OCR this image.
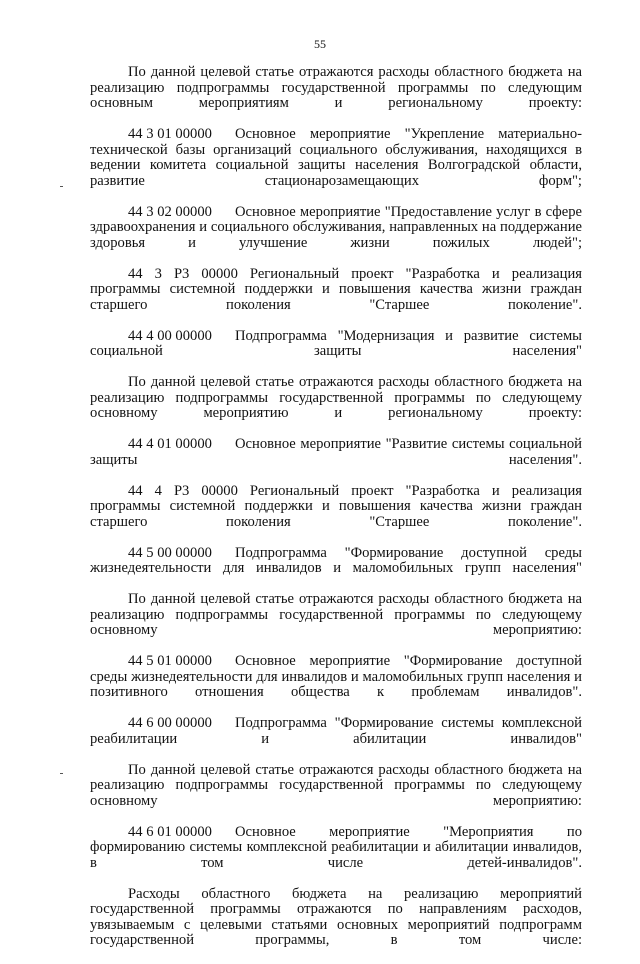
55

По данной целевой статье отражаются расходы областного бюджета на реализацию подпрограммы государственной программы по следующим основным мероприятиям и региональному проекту:

44 3 01 00000 Основное мероприятие "Укрепление материально-технической базы организаций социального обслуживания, находящихся в ведении комитета социальной защиты населения Волгоградской области, развитие стационарозамещающих форм";

44 3 02 00000 Основное мероприятие "Предоставление услуг в сфере здравоохранения и социального обслуживания, направленных на поддержание здоровья и улучшение жизни пожилых людей";

44 3 Р3 00000 Региональный проект "Разработка и реализация программы системной поддержки и повышения качества жизни граждан старшего поколения "Старшее поколение".

44 4 00 00000 Подпрограмма "Модернизация и развитие системы социальной защиты населения"

По данной целевой статье отражаются расходы областного бюджета на реализацию подпрограммы государственной программы по следующему основному мероприятию и региональному проекту:

44 4 01 00000 Основное мероприятие "Развитие системы социальной защиты населения".

44 4 Р3 00000 Региональный проект "Разработка и реализация программы системной поддержки и повышения качества жизни граждан старшего поколения "Старшее поколение".

44 5 00 00000 Подпрограмма "Формирование доступной среды жизнедеятельности для инвалидов и маломобильных групп населения"

По данной целевой статье отражаются расходы областного бюджета на реализацию подпрограммы государственной программы по следующему основному мероприятию:

44 5 01 00000 Основное мероприятие "Формирование доступной среды жизнедеятельности для инвалидов и маломобильных групп населения и позитивного отношения общества к проблемам инвалидов".

44 6 00 00000 Подпрограмма "Формирование системы комплексной реабилитации и абилитации инвалидов"

По данной целевой статье отражаются расходы областного бюджета на реализацию подпрограммы государственной программы по следующему основному мероприятию:

44 6 01 00000 Основное мероприятие "Мероприятия по формированию системы комплексной реабилитации и абилитации инвалидов, в том числе детей-инвалидов".

Расходы областного бюджета на реализацию мероприятий государственной программы отражаются по направлениям расходов, увязываемым с целевыми статьями основных мероприятий подпрограмм государственной программы, в том числе:
